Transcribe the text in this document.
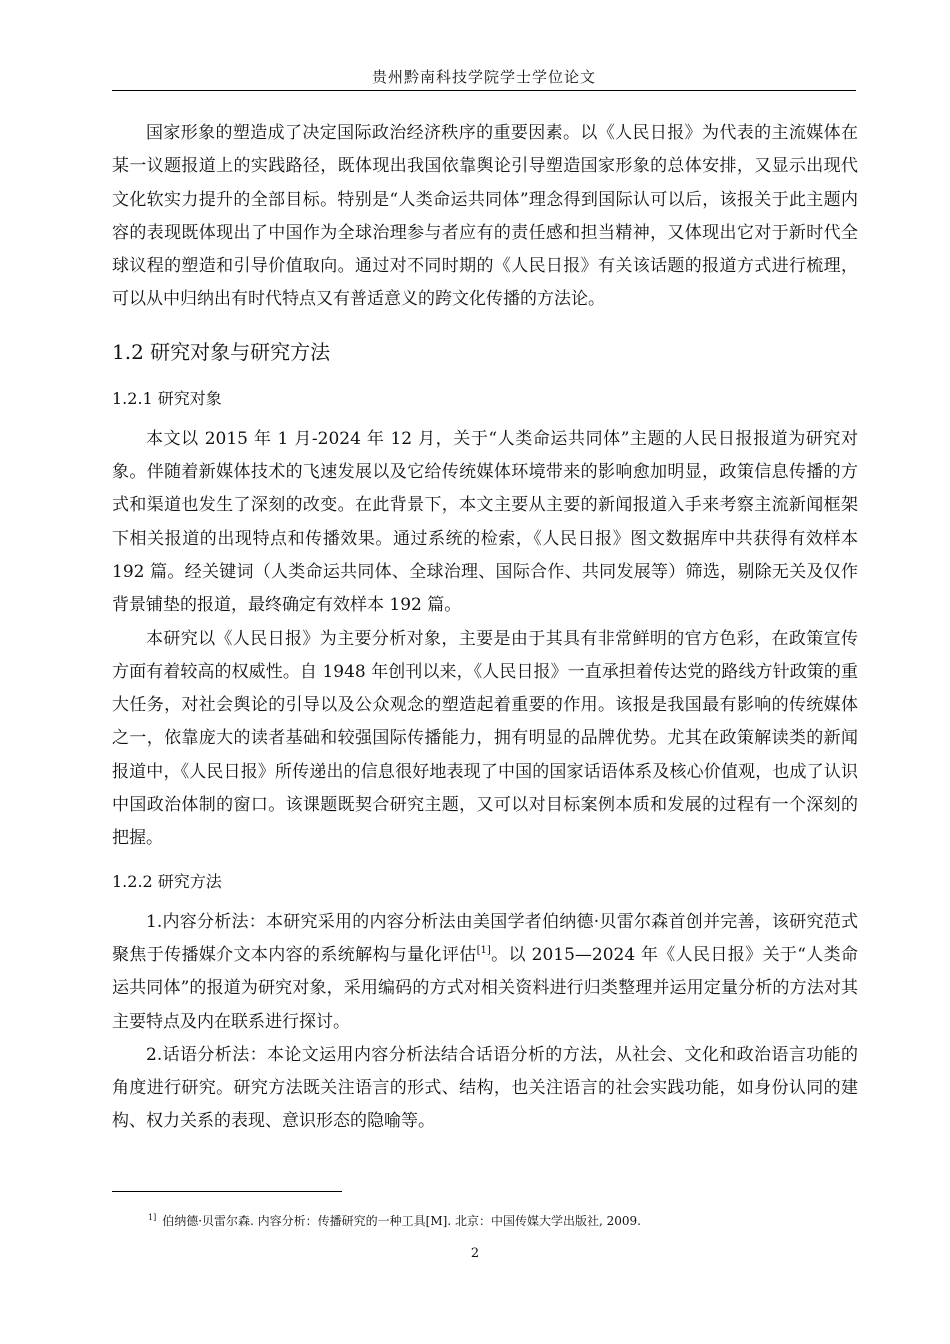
贵州黔南科技学院学士学位论文

国家形象的塑造成了决定国际政治经济秩序的重要因素。以《人民日报》为代表的主流媒体在某一议题报道上的实践路径，既体现出我国依靠舆论引导塑造国家形象的总体安排，又显示出现代文化软实力提升的全部目标。特别是“人类命运共同体”理念得到国际认可以后，该报关于此主题内容的表现既体现出了中国作为全球治理参与者应有的责任感和担当精神，又体现出它对于新时代全球议程的塑造和引导价值取向。通过对不同时期的《人民日报》有关该话题的报道方式进行梳理，可以从中归纳出有时代特点又有普适意义的跨文化传播的方法论。

1.2 研究对象与研究方法
1.2.1 研究对象

本文以 2015 年 1 月-2024 年 12 月，关于“人类命运共同体”主题的人民日报报道为研究对象。伴随着新媒体技术的飞速发展以及它给传统媒体环境带来的影响愈加明显，政策信息传播的方式和渠道也发生了深刻的改变。在此背景下，本文主要从主要的新闻报道入手来考察主流新闻框架下相关报道的出现特点和传播效果。通过系统的检索，《人民日报》图文数据库中共获得有效样本 192 篇。经关键词（人类命运共同体、全球治理、国际合作、共同发展等）筛选，剔除无关及仅作背景铺垫的报道，最终确定有效样本 192 篇。

本研究以《人民日报》为主要分析对象，主要是由于其具有非常鲜明的官方色彩，在政策宣传方面有着较高的权威性。自 1948 年创刊以来，《人民日报》一直承担着传达党的路线方针政策的重大任务，对社会舆论的引导以及公众观念的塑造起着重要的作用。该报是我国最有影响的传统媒体之一，依靠庞大的读者基础和较强国际传播能力，拥有明显的品牌优势。尤其在政策解读类的新闻报道中，《人民日报》所传递出的信息很好地表现了中国的国家话语体系及核心价值观，也成了认识中国政治体制的窗口。该课题既契合研究主题，又可以对目标案例本质和发展的过程有一个深刻的把握。

1.2.2 研究方法

1.内容分析法：本研究采用的内容分析法由美国学者伯纳德·贝雷尔森首创并完善，该研究范式聚焦于传播媒介文本内容的系统解构与量化评估[1]。以 2015—2024 年《人民日报》关于“人类命运共同体”的报道为研究对象，采用编码的方式对相关资料进行归类整理并运用定量分析的方法对其主要特点及内在联系进行探讨。

2.话语分析法：本论文运用内容分析法结合话语分析的方法，从社会、文化和政治语言功能的角度进行研究。研究方法既关注语言的形式、结构，也关注语言的社会实践功能，如身份认同的建构、权力关系的表现、意识形态的隐喻等。

$^{1]}$ 伯纳德·贝雷尔森. 内容分析：传播研究的一种工具[M]. 北京：中国传媒大学出版社, 2009.
2
